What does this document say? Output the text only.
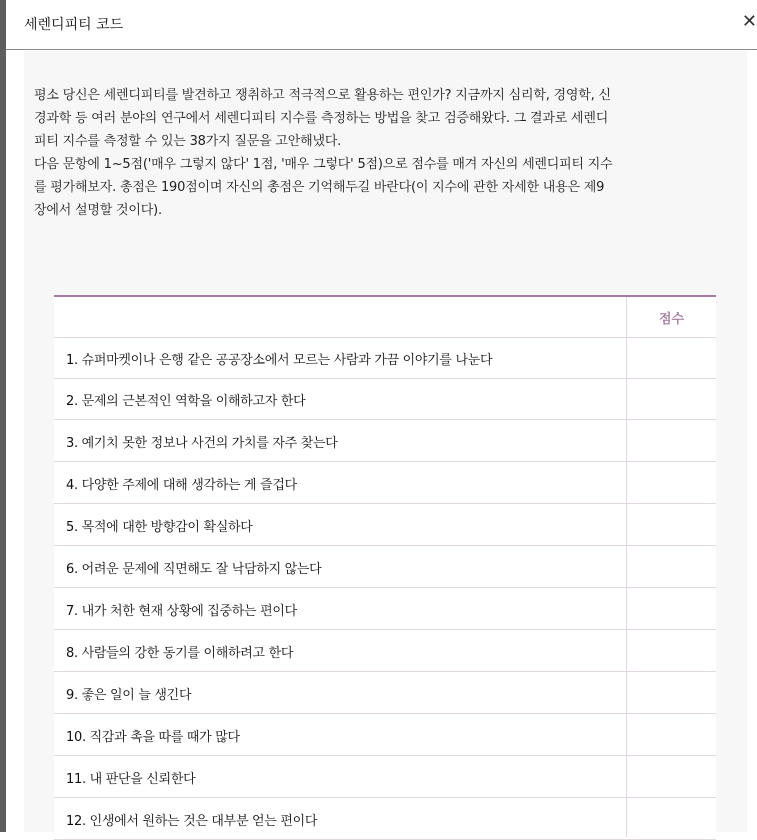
세렌디피티 코드	✕
평소 당신은 세렌디피티를 발견하고 쟁취하고 적극적으로 활용하는 편인가? 지금까지 심리학, 경영학, 신
경과학 등 여러 분야의 연구에서 세렌디피티 지수를 측정하는 방법을 찾고 검증해왔다. 그 결과로 세렌디
피티 지수를 측정할 수 있는 38가지 질문을 고안해냈다.
다음 문항에 1~5점('매우 그렇지 않다' 1점, '매우 그렇다' 5점)으로 점수를 매겨 자신의 세렌디피티 지수
를 평가해보자. 총점은 190점이며 자신의 총점은 기억해두길 바란다(이 지수에 관한 자세한 내용은 제9
장에서 설명할 것이다).
점수
1. 슈퍼마켓이나 은행 같은 공공장소에서 모르는 사람과 가끔 이야기를 나눈다
2. 문제의 근본적인 역학을 이해하고자 한다
3. 예기치 못한 정보나 사건의 가치를 자주 찾는다
4. 다양한 주제에 대해 생각하는 게 즐겁다
5. 목적에 대한 방향감이 확실하다
6. 어려운 문제에 직면해도 잘 낙담하지 않는다
7. 내가 처한 현재 상황에 집중하는 편이다
8. 사람들의 강한 동기를 이해하려고 한다
9. 좋은 일이 늘 생긴다
10. 직감과 촉을 따를 때가 많다
11. 내 판단을 신뢰한다
12. 인생에서 원하는 것은 대부분 얻는 편이다
